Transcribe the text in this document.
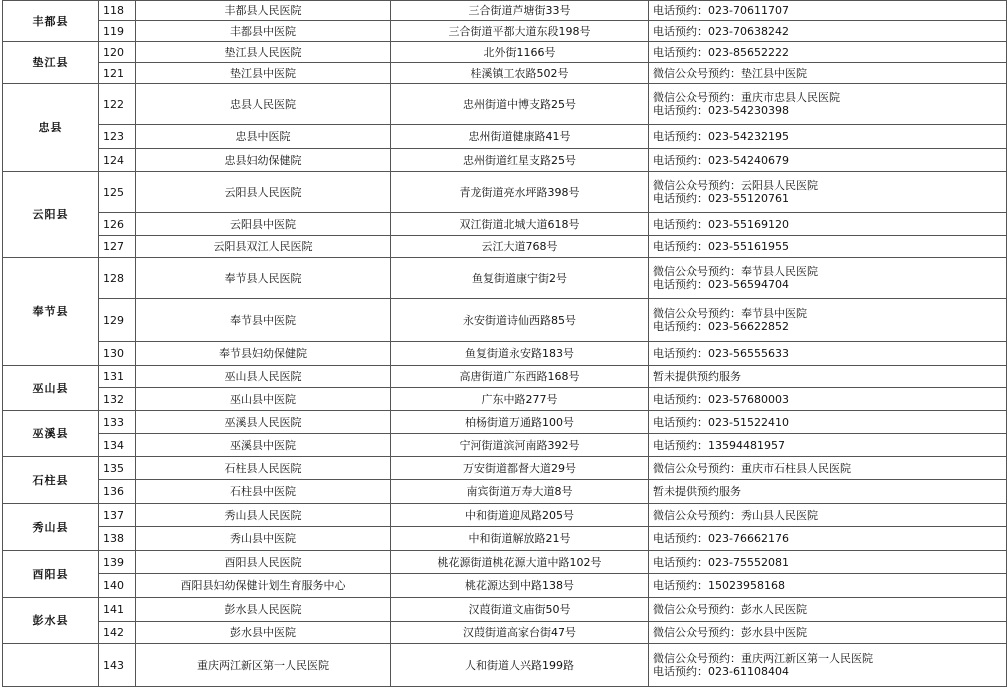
丰都县	118	丰都县人民医院	三合街道芦塘街33号	电话预约：023-70611707

	119	丰都县中医院	三合街道平都大道东段198号	电话预约：023-70638242

垫江县	120	垫江县人民医院	北外街1166号	电话预约：023-85652222

	121	垫江县中医院	桂溪镇工农路502号	微信公众号预约：垫江县中医院

忠县	122	忠县人民医院	忠州街道中博支路25号	微信公众号预约：重庆市忠县人民医院
电话预约：023-54230398

	123	忠县中医院	忠州街道健康路41号	电话预约：023-54232195

	124	忠县妇幼保健院	忠州街道红星支路25号	电话预约：023-54240679

云阳县	125	云阳县人民医院	青龙街道亮水坪路398号	微信公众号预约：云阳县人民医院
电话预约：023-55120761

	126	云阳县中医院	双江街道北城大道618号	电话预约：023-55169120

	127	云阳县双江人民医院	云江大道768号	电话预约：023-55161955

奉节县	128	奉节县人民医院	鱼复街道康宁街2号	微信公众号预约：奉节县人民医院
电话预约：023-56594704

	129	奉节县中医院	永安街道诗仙西路85号	微信公众号预约：奉节县中医院
电话预约：023-56622852

	130	奉节县妇幼保健院	鱼复街道永安路183号	电话预约：023-56555633

巫山县	131	巫山县人民医院	高唐街道广东西路168号	暂未提供预约服务

	132	巫山县中医院	广东中路277号	电话预约：023-57680003

巫溪县	133	巫溪县人民医院	柏杨街道万通路100号	电话预约：023-51522410

	134	巫溪县中医院	宁河街道滨河南路392号	电话预约：13594481957

石柱县	135	石柱县人民医院	万安街道都督大道29号	微信公众号预约：重庆市石柱县人民医院

	136	石柱县中医院	南宾街道万寿大道8号	暂未提供预约服务

秀山县	137	秀山县人民医院	中和街道迎凤路205号	微信公众号预约：秀山县人民医院

	138	秀山县中医院	中和街道解放路21号	电话预约：023-76662176

酉阳县	139	酉阳县人民医院	桃花源街道桃花源大道中路102号	电话预约：023-75552081

	140	酉阳县妇幼保健计划生育服务中心	桃花源达到中路138号	电话预约：15023958168

彭水县	141	彭水县人民医院	汉葭街道文庙街50号	微信公众号预约：彭水人民医院

	142	彭水县中医院	汉葭街道高家台街47号	微信公众号预约：彭水县中医院

	143	重庆两江新区第一人民医院	人和街道人兴路199路	微信公众号预约：重庆两江新区第一人民医院
电话预约：023-61108404
